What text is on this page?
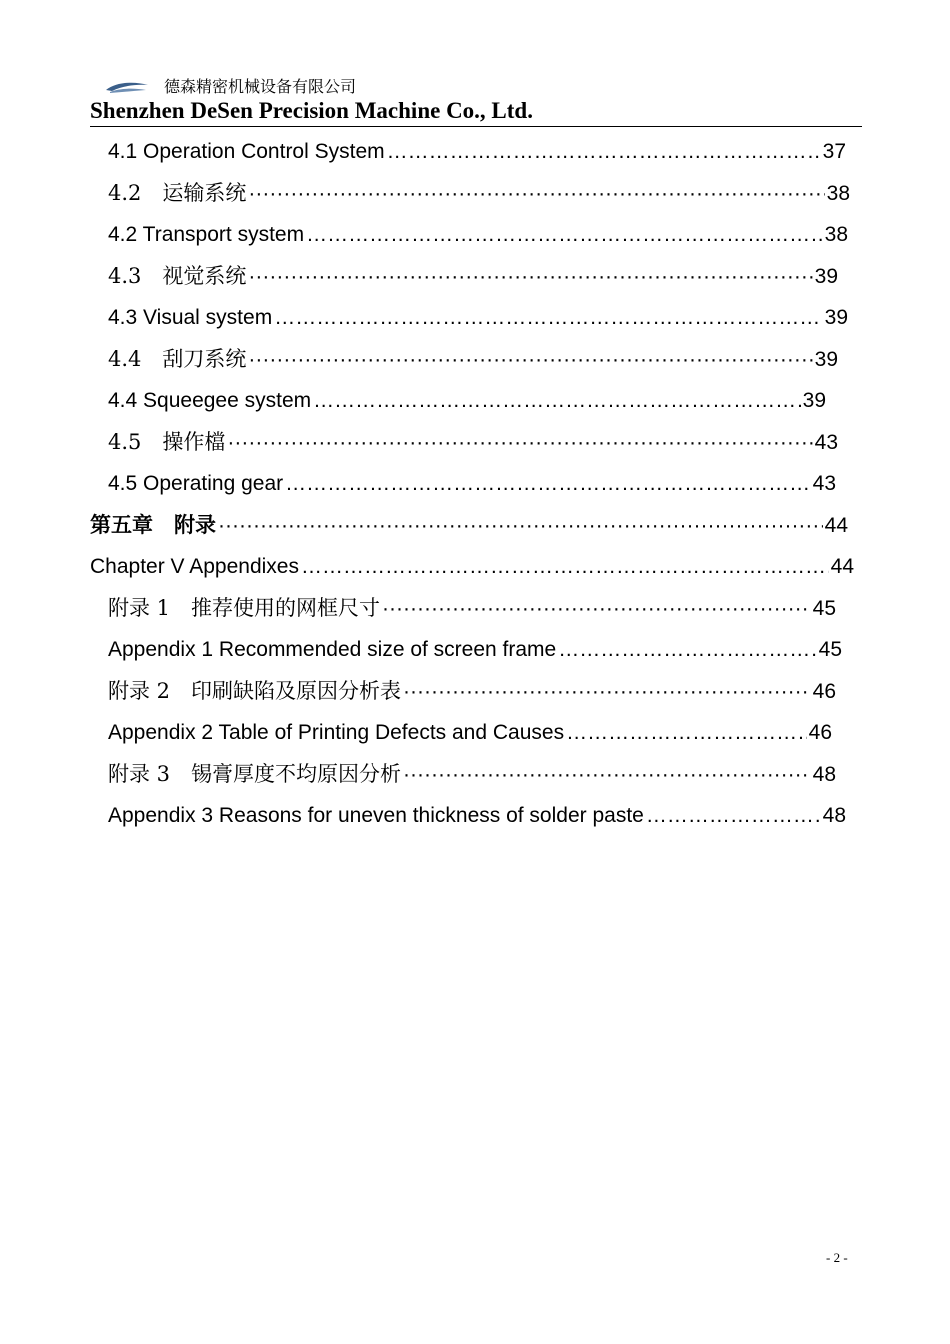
德森精密机械设备有限公司
Shenzhen DeSen Precision Machine Co., Ltd.
4.1 Operation Control System ……………………………………………………………………………………………………………………	37
4.2　运输系统 ·····	38
4.2 Transport system ……………………………………………………………………………………………………………………	38
4.3　视觉系统 ·····	39
4.3 Visual system ……………………………………………………………………………………………………………………	39
4.4　刮刀系统 ·····	39
4.4 Squeegee system ……………………………………………………………………………………………………………………	39
4.5　操作檔 ·····	43
4.5 Operating gear ……………………………………………………………………………………………………………………	43
第五章　附录 ·····	44
Chapter V Appendixes ……………………………………………………………………………………………………………………	44
附录 1　推荐使用的网框尺寸 ·····	45
Appendix 1 Recommended size of screen frame ……………………………………………………………………………………………………………………	45
附录 2　印刷缺陷及原因分析表 ·····	46
Appendix 2 Table of Printing Defects and Causes ……………………………………………………………………………………………………………………	46
附录 3　锡膏厚度不均原因分析 ·····	48
Appendix 3 Reasons for uneven thickness of solder paste ……………………………………………………………………………………………………………………	48
- 2 -
